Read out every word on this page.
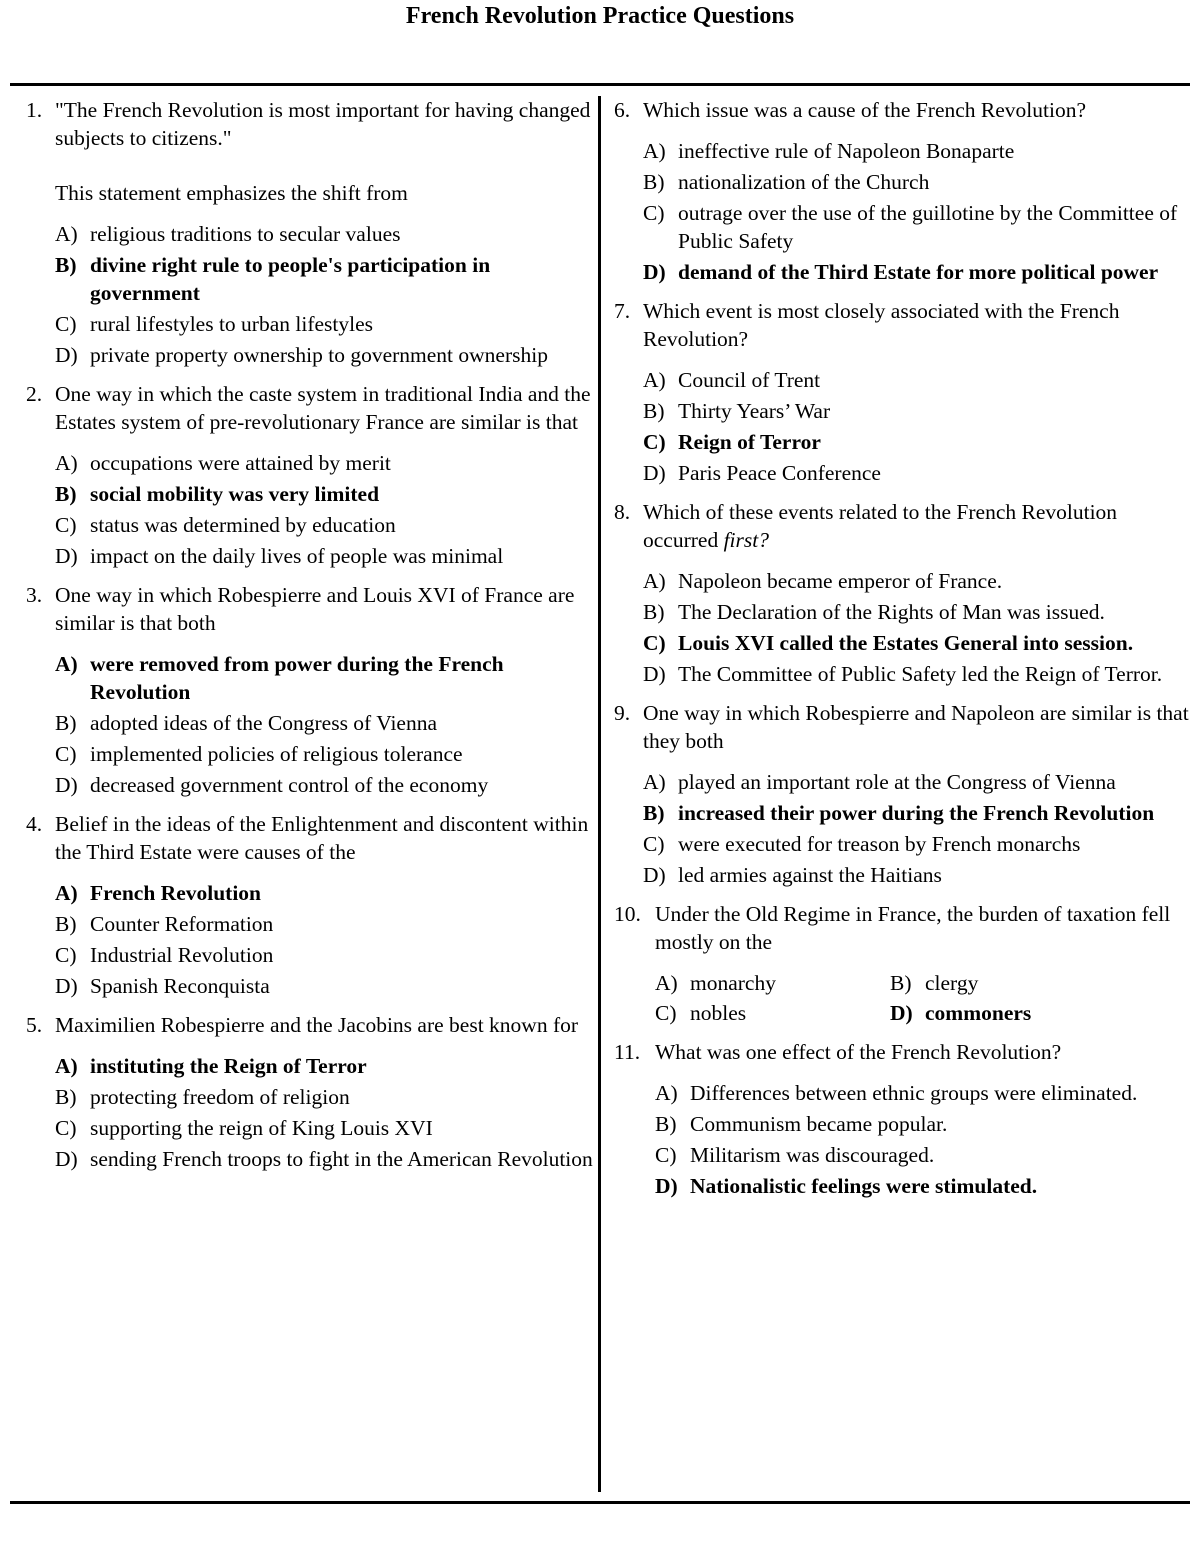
French Revolution Practice Questions
1. "The French Revolution is most important for having changed subjects to citizens."

This statement emphasizes the shift from

A) religious traditions to secular values
B) divine right rule to people's participation in government
C) rural lifestyles to urban lifestyles
D) private property ownership to government ownership
2. One way in which the caste system in traditional India and the Estates system of pre-revolutionary France are similar is that
A) occupations were attained by merit
B) social mobility was very limited
C) status was determined by education
D) impact on the daily lives of people was minimal
3. One way in which Robespierre and Louis XVI of France are similar is that both
A) were removed from power during the French Revolution
B) adopted ideas of the Congress of Vienna
C) implemented policies of religious tolerance
D) decreased government control of the economy
4. Belief in the ideas of the Enlightenment and discontent within the Third Estate were causes of the
A) French Revolution
B) Counter Reformation
C) Industrial Revolution
D) Spanish Reconquista
5. Maximilien Robespierre and the Jacobins are best known for
A) instituting the Reign of Terror
B) protecting freedom of religion
C) supporting the reign of King Louis XVI
D) sending French troops to fight in the American Revolution
6. Which issue was a cause of the French Revolution?
A) ineffective rule of Napoleon Bonaparte
B) nationalization of the Church
C) outrage over the use of the guillotine by the Committee of Public Safety
D) demand of the Third Estate for more political power
7. Which event is most closely associated with the French Revolution?
A) Council of Trent
B) Thirty Years’ War
C) Reign of Terror
D) Paris Peace Conference
8. Which of these events related to the French Revolution occurred first?
A) Napoleon became emperor of France.
B) The Declaration of the Rights of Man was issued.
C) Louis XVI called the Estates General into session.
D) The Committee of Public Safety led the Reign of Terror.
9. One way in which Robespierre and Napoleon are similar is that they both
A) played an important role at the Congress of Vienna
B) increased their power during the French Revolution
C) were executed for treason by French monarchs
D) led armies against the Haitians
10. Under the Old Regime in France, the burden of taxation fell mostly on the
A) monarchy	B) clergy
C) nobles	D) commoners
11. What was one effect of the French Revolution?
A) Differences between ethnic groups were eliminated.
B) Communism became popular.
C) Militarism was discouraged.
D) Nationalistic feelings were stimulated.
